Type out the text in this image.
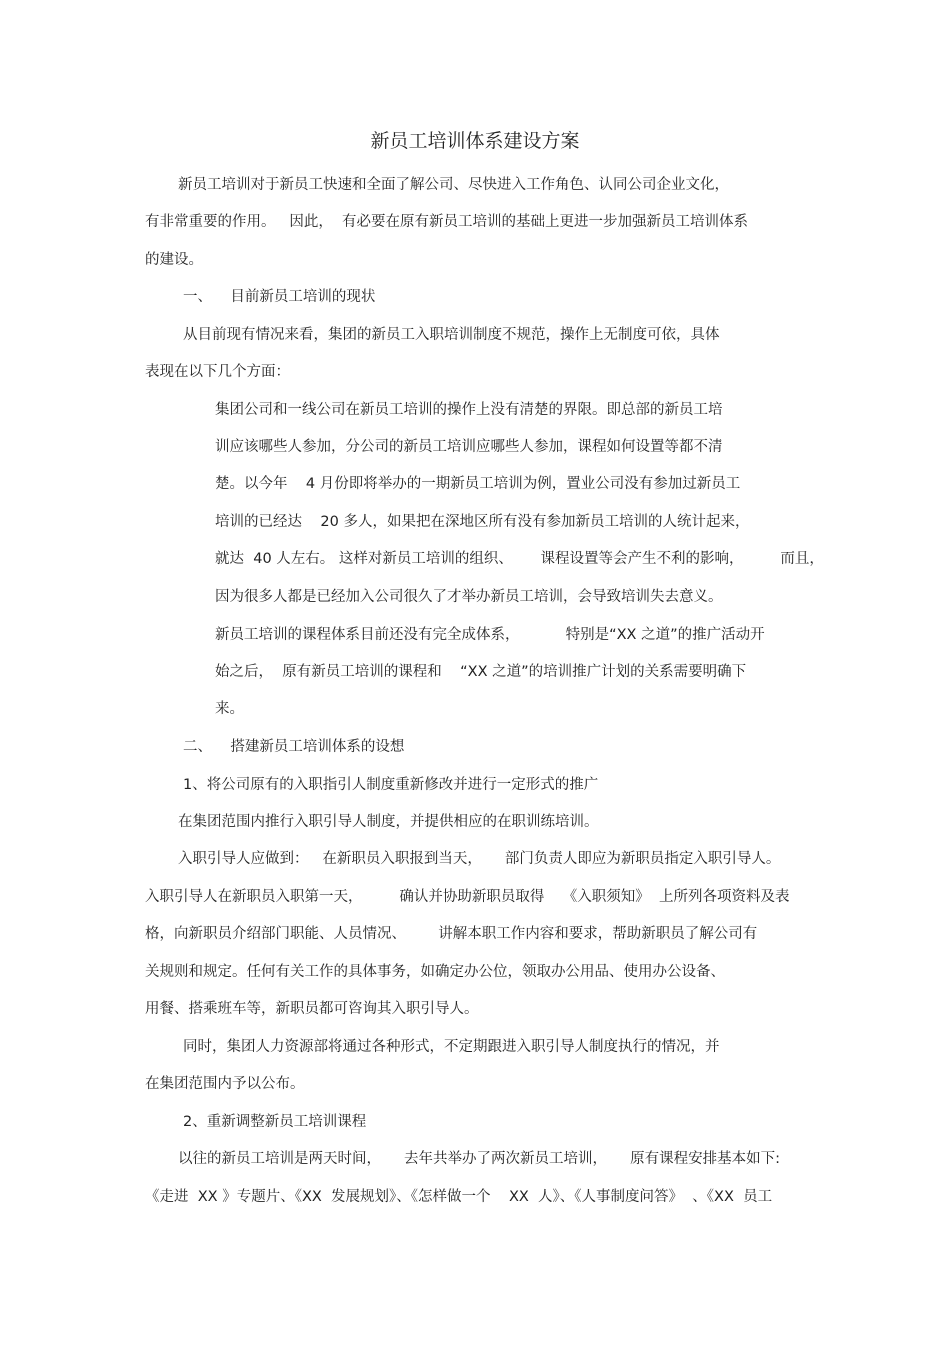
新员工培训体系建设方案
新员工培训对于新员工快速和全面了解公司、尽快进入工作角色、认同公司企业文化，
有非常重要的作用。   因此，  有必要在原有新员工培训的基础上更进一步加强新员工培训体系
的建设。
一、    目前新员工培训的现状
从目前现有情况来看，集团的新员工入职培训制度不规范，操作上无制度可依，具体
表现在以下几个方面：
集团公司和一线公司在新员工培训的操作上没有清楚的界限。即总部的新员工培
训应该哪些人参加，分公司的新员工培训应哪些人参加，课程如何设置等都不清
楚。以今年    4 月份即将举办的一期新员工培训为例，置业公司没有参加过新员工
培训的已经达    20 多人，如果把在深地区所有没有参加新员工培训的人统计起来，
就达  40 人左右。 这样对新员工培训的组织、      课程设置等会产生不利的影响，        而且，
因为很多人都是已经加入公司很久了才举办新员工培训，会导致培训失去意义。
新员工培训的课程体系目前还没有完全成体系，          特别是“XX 之道”的推广活动开
始之后，  原有新员工培训的课程和    “XX 之道”的培训推广计划的关系需要明确下
来。
二、    搭建新员工培训体系的设想
1、将公司原有的入职指引人制度重新修改并进行一定形式的推广
在集团范围内推行入职引导人制度，并提供相应的在职训练培训。
入职引导人应做到：   在新职员入职报到当天，     部门负责人即应为新职员指定入职引导人。
入职引导人在新职员入职第一天，        确认并协助新职员取得    《入职须知》  上所列各项资料及表
格，向新职员介绍部门职能、人员情况、       讲解本职工作内容和要求，帮助新职员了解公司有
关规则和规定。任何有关工作的具体事务，如确定办公位，领取办公用品、使用办公设备、
用餐、搭乘班车等，新职员都可咨询其入职引导人。
同时，集团人力资源部将通过各种形式，不定期跟进入职引导人制度执行的情况，并
在集团范围内予以公布。
2、重新调整新员工培训课程
以往的新员工培训是两天时间，     去年共举办了两次新员工培训，     原有课程安排基本如下:
《走进  XX 》专题片、《XX  发展规划》、《怎样做一个    XX  人》、《人事制度问答》  、《XX  员工
